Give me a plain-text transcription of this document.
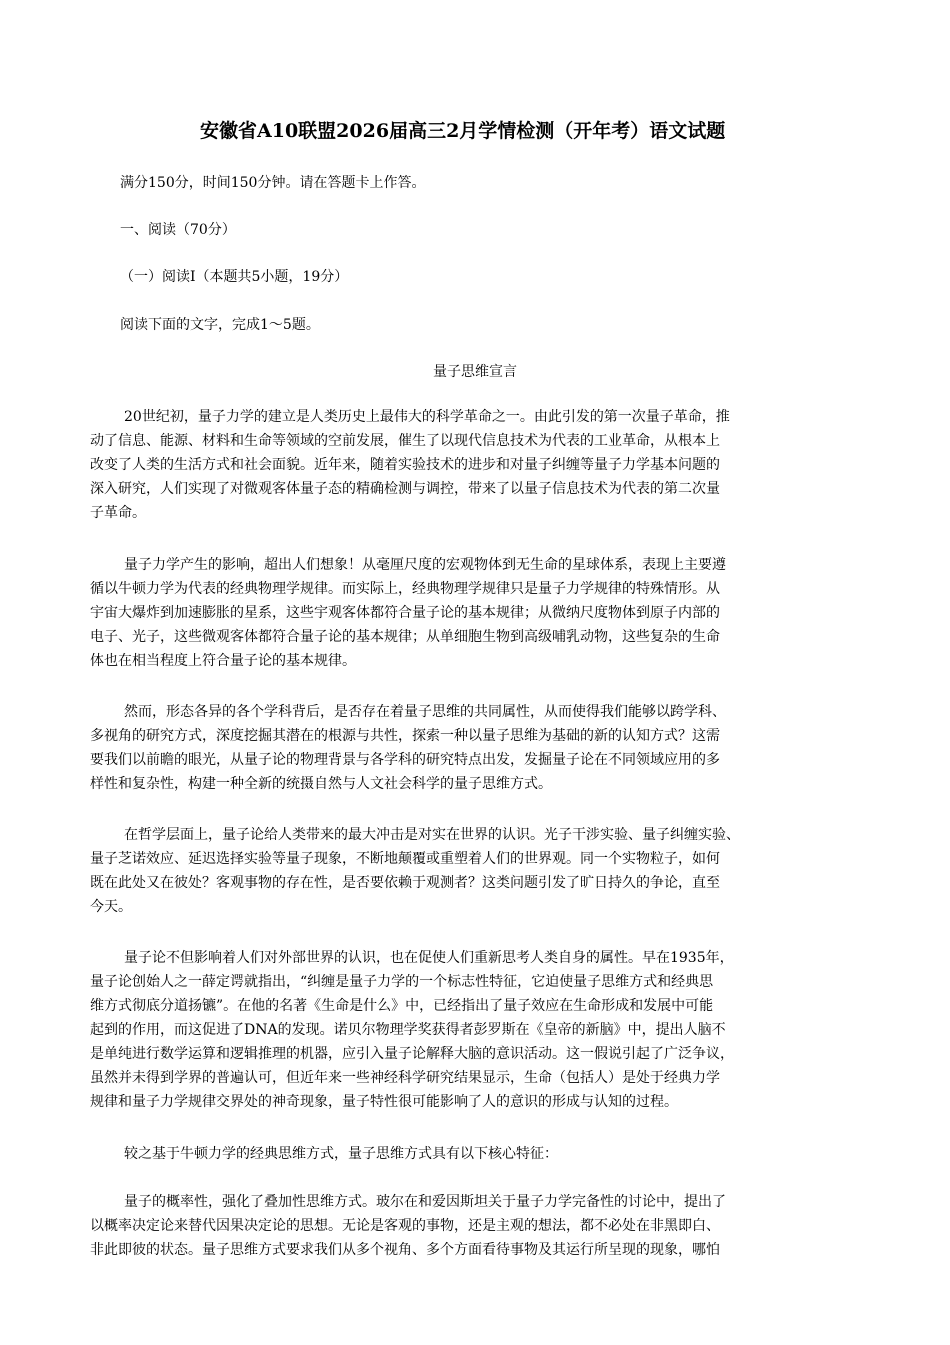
安徽省A10联盟2026届高三2月学情检测（开年考）语文试题
满分150分，时间150分钟。请在答题卡上作答。
一、阅读（70分）
（一）阅读I（本题共5小题，19分）
阅读下面的文字，完成1～5题。
量子思维宣言
20世纪初，量子力学的建立是人类历史上最伟大的科学革命之一。由此引发的第一次量子革命，推
动了信息、能源、材料和生命等领域的空前发展，催生了以现代信息技术为代表的工业革命，从根本上
改变了人类的生活方式和社会面貌。近年来，随着实验技术的进步和对量子纠缠等量子力学基本问题的
深入研究，人们实现了对微观客体量子态的精确检测与调控，带来了以量子信息技术为代表的第二次量
子革命。
量子力学产生的影响，超出人们想象！从毫厘尺度的宏观物体到无生命的星球体系，表现上主要遵
循以牛顿力学为代表的经典物理学规律。而实际上，经典物理学规律只是量子力学规律的特殊情形。从
宇宙大爆炸到加速膨胀的星系，这些宇观客体都符合量子论的基本规律；从微纳尺度物体到原子内部的
电子、光子，这些微观客体都符合量子论的基本规律；从单细胞生物到高级哺乳动物，这些复杂的生命
体也在相当程度上符合量子论的基本规律。
然而，形态各异的各个学科背后，是否存在着量子思维的共同属性，从而使得我们能够以跨学科、
多视角的研究方式，深度挖掘其潜在的根源与共性，探索一种以量子思维为基础的新的认知方式？这需
要我们以前瞻的眼光，从量子论的物理背景与各学科的研究特点出发，发掘量子论在不同领域应用的多
样性和复杂性，构建一种全新的统摄自然与人文社会科学的量子思维方式。
在哲学层面上，量子论给人类带来的最大冲击是对实在世界的认识。光子干涉实验、量子纠缠实验、
量子芝诺效应、延迟选择实验等量子现象，不断地颠覆或重塑着人们的世界观。同一个实物粒子，如何
既在此处又在彼处？客观事物的存在性，是否要依赖于观测者？这类问题引发了旷日持久的争论，直至
今天。
量子论不但影响着人们对外部世界的认识，也在促使人们重新思考人类自身的属性。早在1935年，
量子论创始人之一薛定谔就指出，“纠缠是量子力学的一个标志性特征，它迫使量子思维方式和经典思
维方式彻底分道扬镳”。在他的名著《生命是什么》中，已经指出了量子效应在生命形成和发展中可能
起到的作用，而这促进了DNA的发现。诺贝尔物理学奖获得者彭罗斯在《皇帝的新脑》中，提出人脑不
是单纯进行数学运算和逻辑推理的机器，应引入量子论解释大脑的意识活动。这一假说引起了广泛争议，
虽然并未得到学界的普遍认可，但近年来一些神经科学研究结果显示，生命（包括人）是处于经典力学
规律和量子力学规律交界处的神奇现象，量子特性很可能影响了人的意识的形成与认知的过程。
较之基于牛顿力学的经典思维方式，量子思维方式具有以下核心特征：
量子的概率性，强化了叠加性思维方式。玻尔在和爱因斯坦关于量子力学完备性的讨论中，提出了
以概率决定论来替代因果决定论的思想。无论是客观的事物，还是主观的想法，都不必处在非黑即白、
非此即彼的状态。量子思维方式要求我们从多个视角、多个方面看待事物及其运行所呈现的现象，哪怕
